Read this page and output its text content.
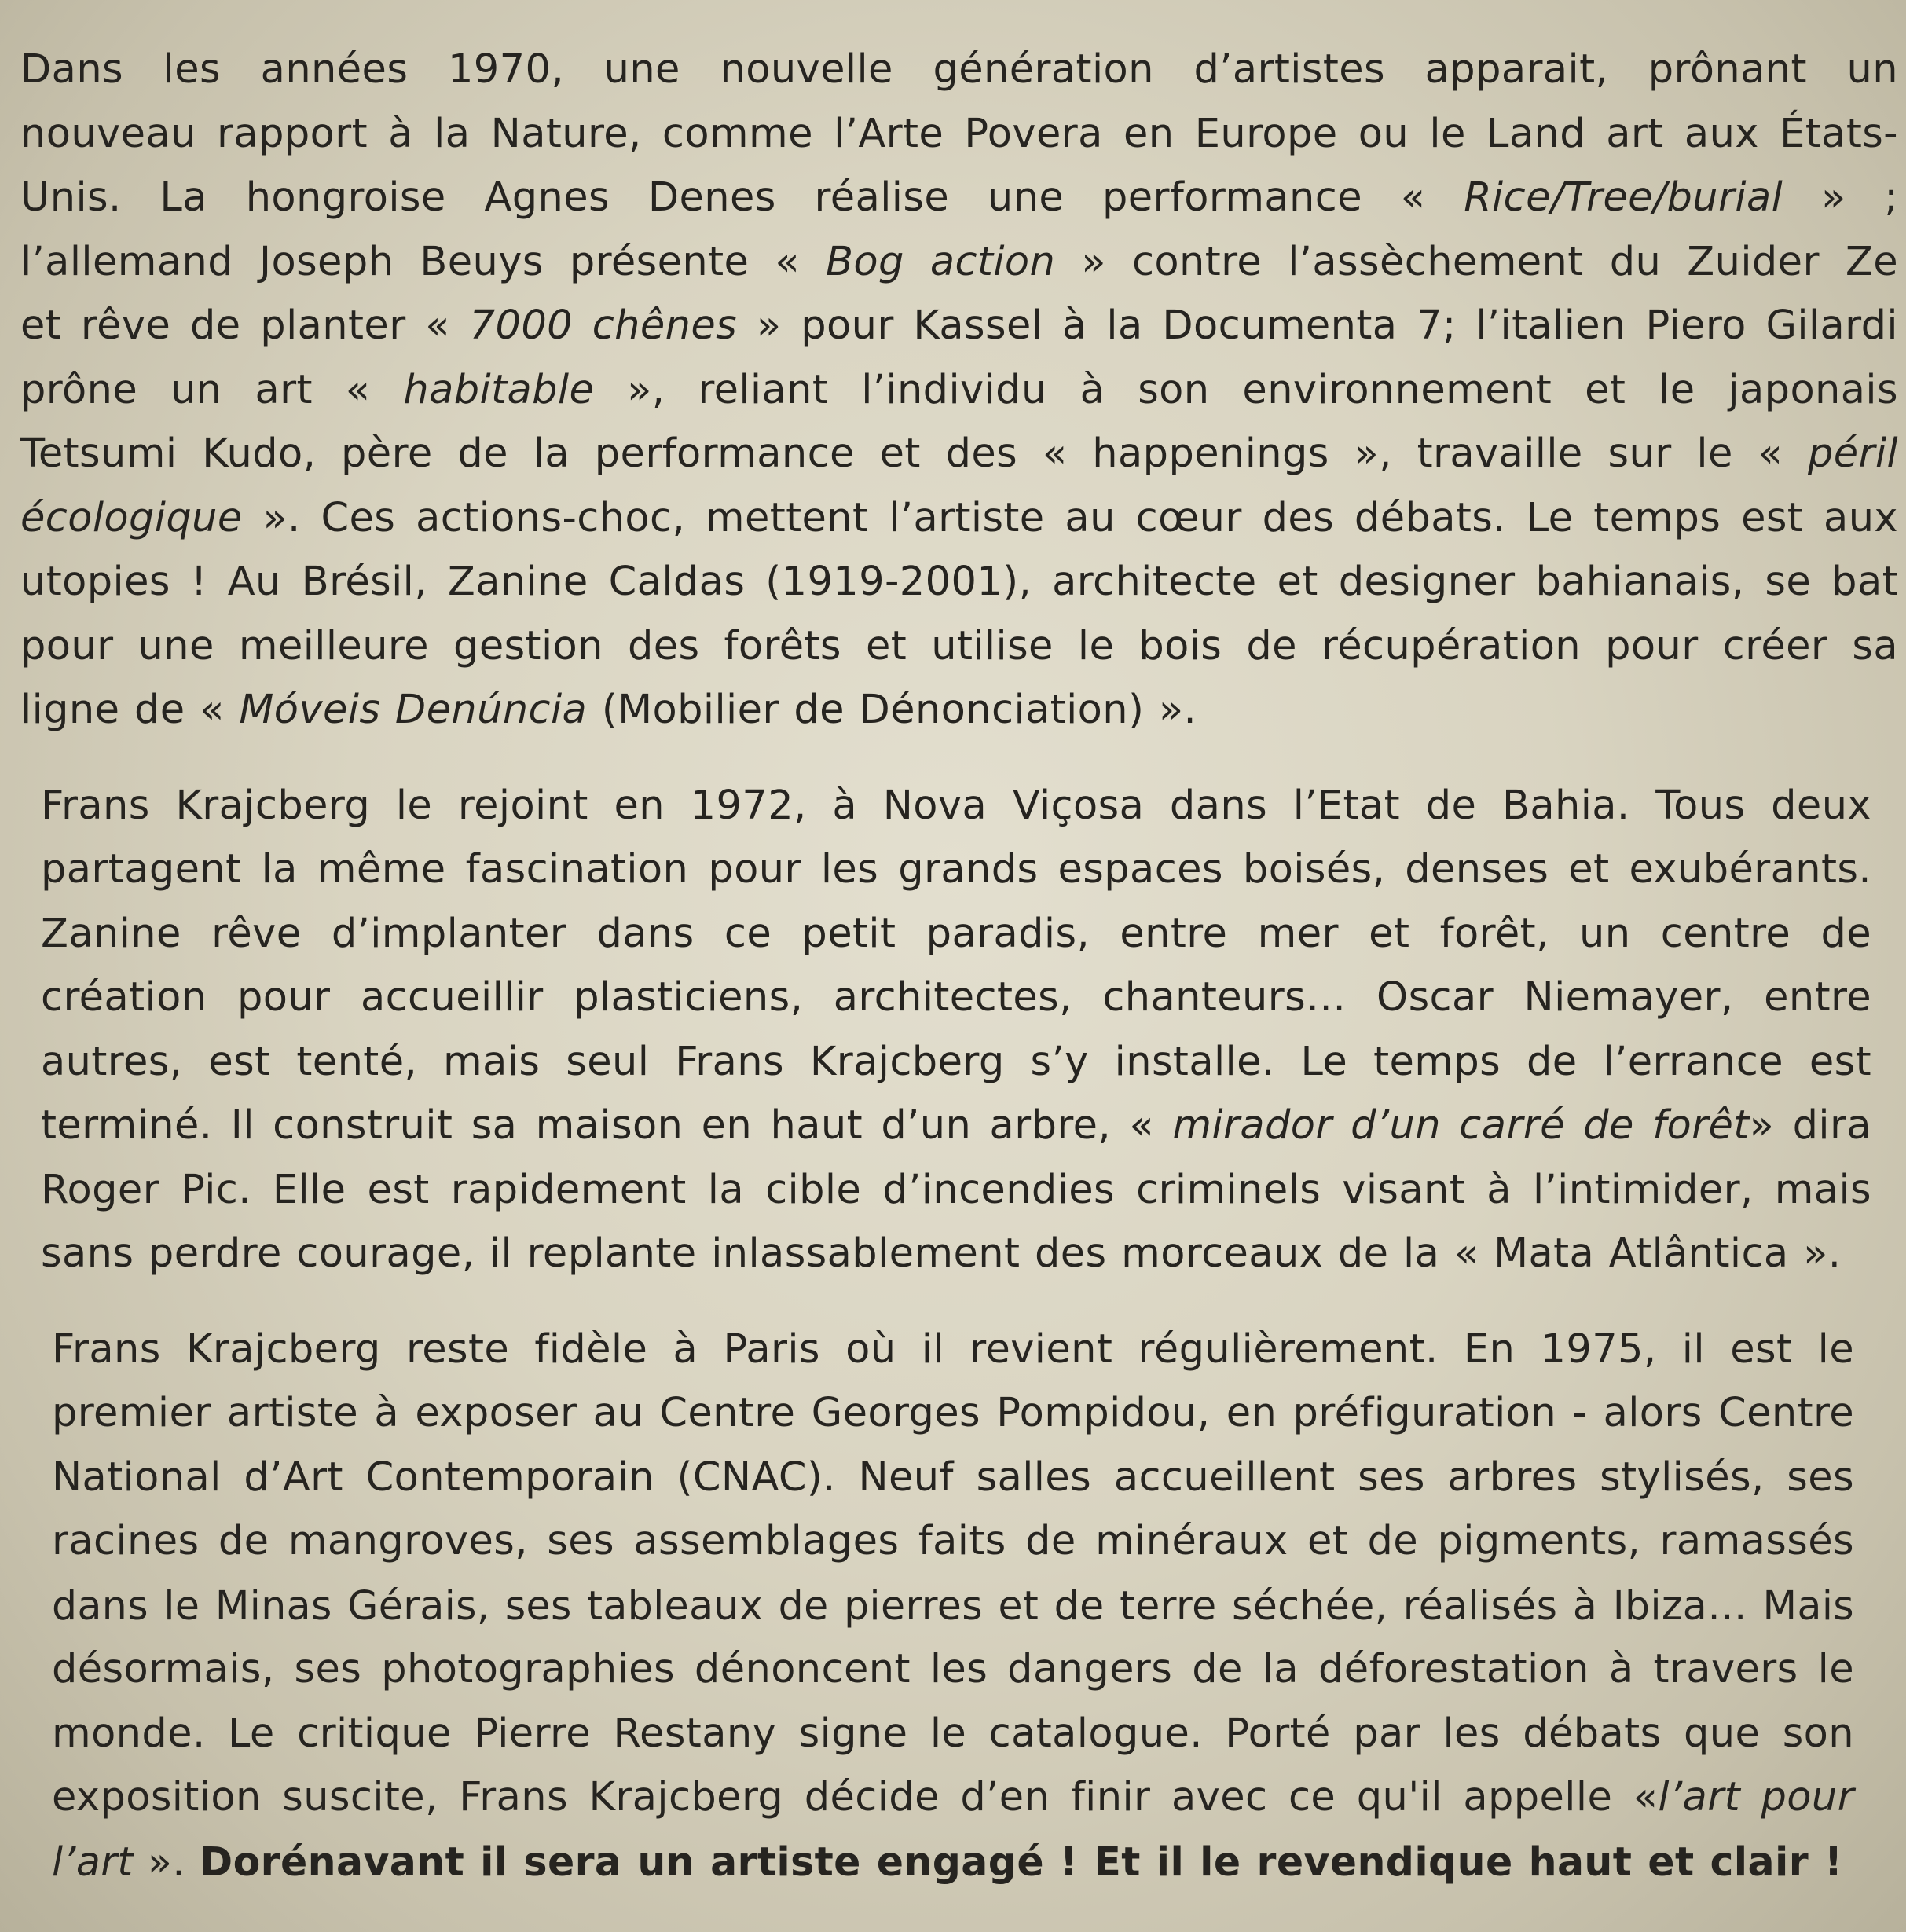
Dans les années 1970, une nouvelle génération d’artistes apparait, prônant un
nouveau rapport à la Nature, comme l’Arte Povera en Europe ou le Land art aux États-
Unis. La hongroise Agnes Denes réalise une performance « Rice/Tree/burial » ;
l’allemand Joseph Beuys présente « Bog action » contre l’assèchement du Zuider Ze
et rêve de planter « 7000 chênes » pour Kassel à la Documenta 7; l’italien Piero Gilardi
prône un art « habitable », reliant l’individu à son environnement et le japonais
Tetsumi Kudo, père de la performance et des « happenings », travaille sur le « péril
écologique ». Ces actions-choc, mettent l’artiste au cœur des débats. Le temps est aux
utopies ! Au Brésil, Zanine Caldas (1919-2001), architecte et designer bahianais, se bat
pour une meilleure gestion des forêts et utilise le bois de récupération pour créer sa
ligne de « Móveis Denúncia (Mobilier de Dénonciation) ».
Frans Krajcberg le rejoint en 1972, à Nova Viçosa dans l’Etat de Bahia. Tous deux
partagent la même fascination pour les grands espaces boisés, denses et exubérants.
Zanine rêve d’implanter dans ce petit paradis, entre mer et forêt, un centre de
création pour accueillir plasticiens, architectes, chanteurs… Oscar Niemayer, entre
autres, est tenté, mais seul Frans Krajcberg s’y installe. Le temps de l’errance est
terminé. Il construit sa maison en haut d’un arbre, « mirador d’un carré de forêt» dira
Roger Pic. Elle est rapidement la cible d’incendies criminels visant à l’intimider, mais
sans perdre courage, il replante inlassablement des morceaux de la « Mata Atlântica ».
Frans Krajcberg reste fidèle à Paris où il revient régulièrement. En 1975, il est le
premier artiste à exposer au Centre Georges Pompidou, en préfiguration - alors Centre
National d’Art Contemporain (CNAC). Neuf salles accueillent ses arbres stylisés, ses
racines de mangroves, ses assemblages faits de minéraux et de pigments, ramassés
dans le Minas Gérais, ses tableaux de pierres et de terre séchée, réalisés à Ibiza… Mais
désormais, ses photographies dénoncent les dangers de la déforestation à travers le
monde. Le critique Pierre Restany signe le catalogue. Porté par les débats que son
exposition suscite, Frans Krajcberg décide d’en finir avec ce qu'il appelle «l’art pour
l’art ». Dorénavant il sera un artiste engagé ! Et il le revendique haut et clair !
